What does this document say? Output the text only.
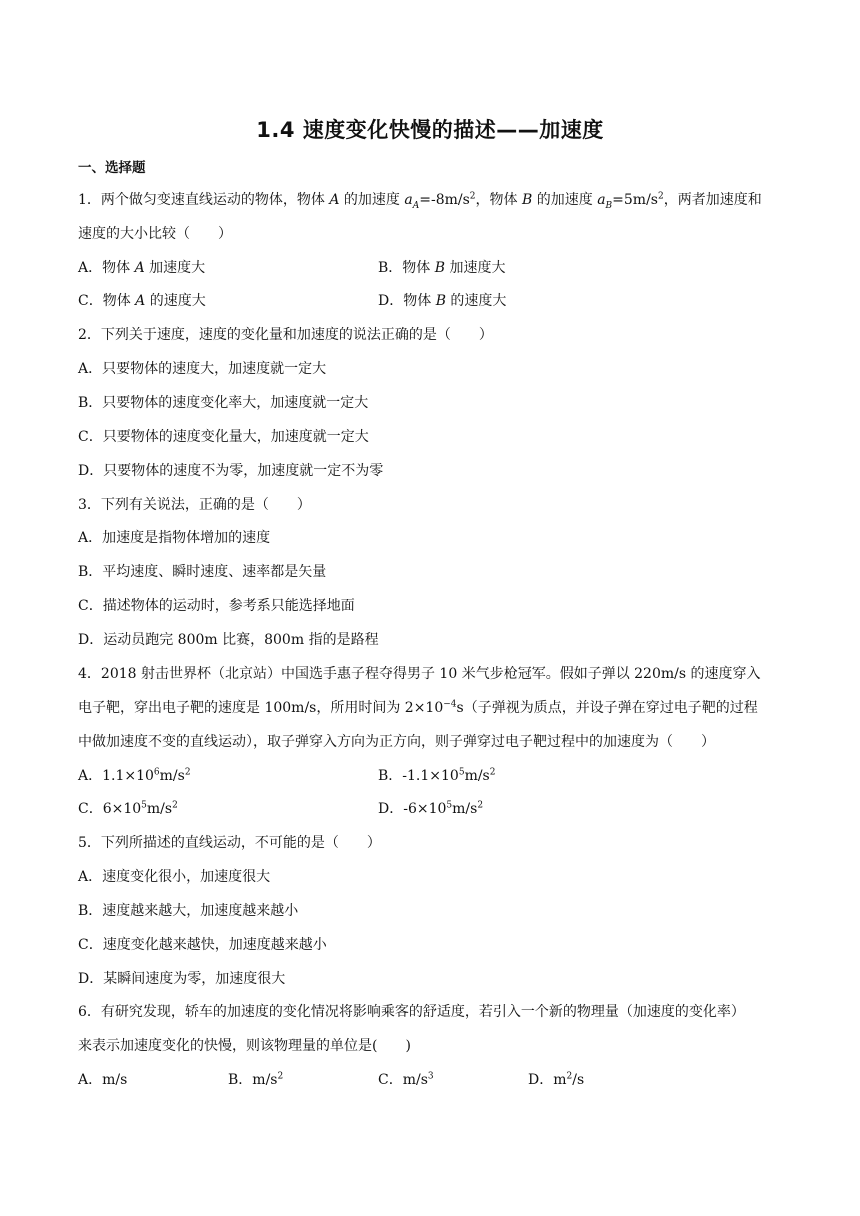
1.4 速度变化快慢的描述——加速度
一、选择题
1．两个做匀变速直线运动的物体，物体 A 的加速度 $a_A=-8m/s^2$，物体 B 的加速度 $a_B=5m/s^2$，两者加速度和
速度的大小比较（　　）
A．物体 A 加速度大	B．物体 B 加速度大
C．物体 A 的速度大	D．物体 B 的速度大
2．下列关于速度，速度的变化量和加速度的说法正确的是（　　）
A．只要物体的速度大，加速度就一定大
B．只要物体的速度变化率大，加速度就一定大
C．只要物体的速度变化量大，加速度就一定大
D．只要物体的速度不为零，加速度就一定不为零
3．下列有关说法，正确的是（　　）
A．加速度是指物体增加的速度
B．平均速度、瞬时速度、速率都是矢量
C．描述物体的运动时，参考系只能选择地面
D．运动员跑完 800m 比赛，800m 指的是路程
4．2018 射击世界杯（北京站）中国选手惠子程夺得男子 10 米气步枪冠军。假如子弹以 220m/s 的速度穿入
电子靶，穿出电子靶的速度是 100m/s，所用时间为 $2\times 10^{-4}s$（子弹视为质点，并设子弹在穿过电子靶的过程
中做加速度不变的直线运动），取子弹穿入方向为正方向，则子弹穿过电子靶过程中的加速度为（　　）
A．$1.1\times 10^6m/s^2$	B．$-1.1\times 10^5m/s^2$
C．$6\times 10^5m/s^2$	D．$-6\times 10^5m/s^2$
5．下列所描述的直线运动，不可能的是（　　）
A．速度变化很小，加速度很大
B．速度越来越大，加速度越来越小
C．速度变化越来越快，加速度越来越小
D．某瞬间速度为零，加速度很大
6．有研究发现，轿车的加速度的变化情况将影响乘客的舒适度，若引入一个新的物理量（加速度的变化率）
来表示加速度变化的快慢，则该物理量的单位是(　　)
A．m/s	B．$m/s^2$	C．$m/s^3$	D．$m^2/s$
